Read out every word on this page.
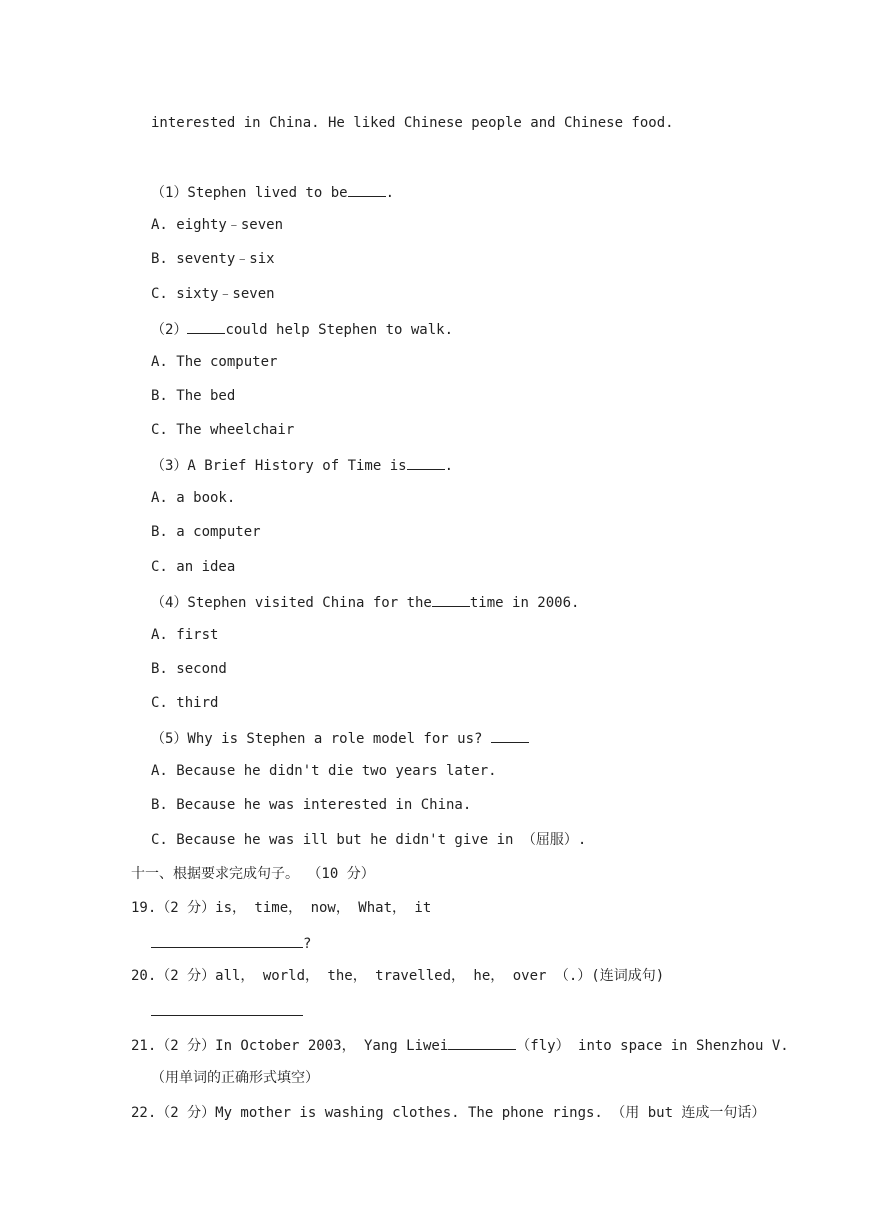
interested in China. He liked Chinese people and Chinese food.
（1）Stephen lived to be	.
A. eighty﹣seven
B. seventy﹣six
C. sixty﹣seven
（2）	could help Stephen to walk.
A. The computer
B. The bed
C. The wheelchair
（3）A Brief History of Time is	.
A. a book.
B. a computer
C. an idea
（4）Stephen visited China for the	time in 2006.
A. first
B. second
C. third
（5）Why is Stephen a role model for us?
A. Because he didn't die two years later.
B. Because he was interested in China.
C. Because he was ill but he didn't give in （屈服）.
十一、根据要求完成句子。 （10 分）
19.（2 分）is， time， now， What， it
?
20.（2 分）all， world， the， travelled， he， over （.）(连词成句)
21.（2 分）In October 2003， Yang Liwei	（fly） into space in Shenzhou V.
（用单词的正确形式填空）
22.（2 分）My mother is washing clothes. The phone rings. （用 but 连成一句话）
